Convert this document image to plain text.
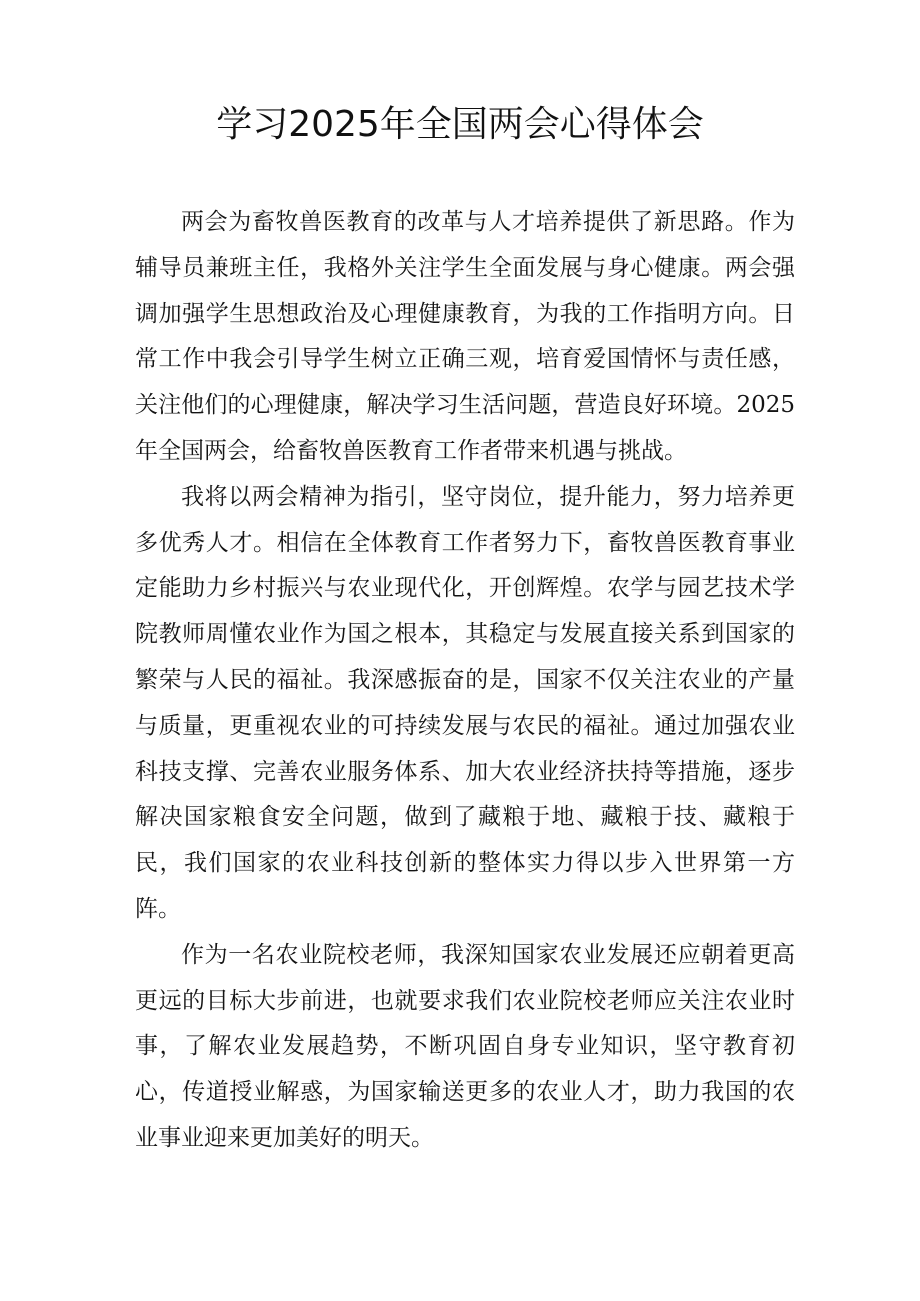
学习2025年全国两会心得体会

两会为畜牧兽医教育的改革与人才培养提供了新思路。作为辅导员兼班主任，我格外关注学生全面发展与身心健康。两会强调加强学生思想政治及心理健康教育，为我的工作指明方向。日常工作中我会引导学生树立正确三观，培育爱国情怀与责任感，关注他们的心理健康，解决学习生活问题，营造良好环境。2025年全国两会，给畜牧兽医教育工作者带来机遇与挑战。

我将以两会精神为指引，坚守岗位，提升能力，努力培养更多优秀人才。相信在全体教育工作者努力下，畜牧兽医教育事业定能助力乡村振兴与农业现代化，开创辉煌。农学与园艺技术学院教师周懂农业作为国之根本，其稳定与发展直接关系到国家的繁荣与人民的福祉。我深感振奋的是，国家不仅关注农业的产量与质量，更重视农业的可持续发展与农民的福祉。通过加强农业科技支撑、完善农业服务体系、加大农业经济扶持等措施，逐步解决国家粮食安全问题，做到了藏粮于地、藏粮于技、藏粮于民，我们国家的农业科技创新的整体实力得以步入世界第一方阵。

作为一名农业院校老师，我深知国家农业发展还应朝着更高更远的目标大步前进，也就要求我们农业院校老师应关注农业时事，了解农业发展趋势，不断巩固自身专业知识，坚守教育初心，传道授业解惑，为国家输送更多的农业人才，助力我国的农业事业迎来更加美好的明天。
